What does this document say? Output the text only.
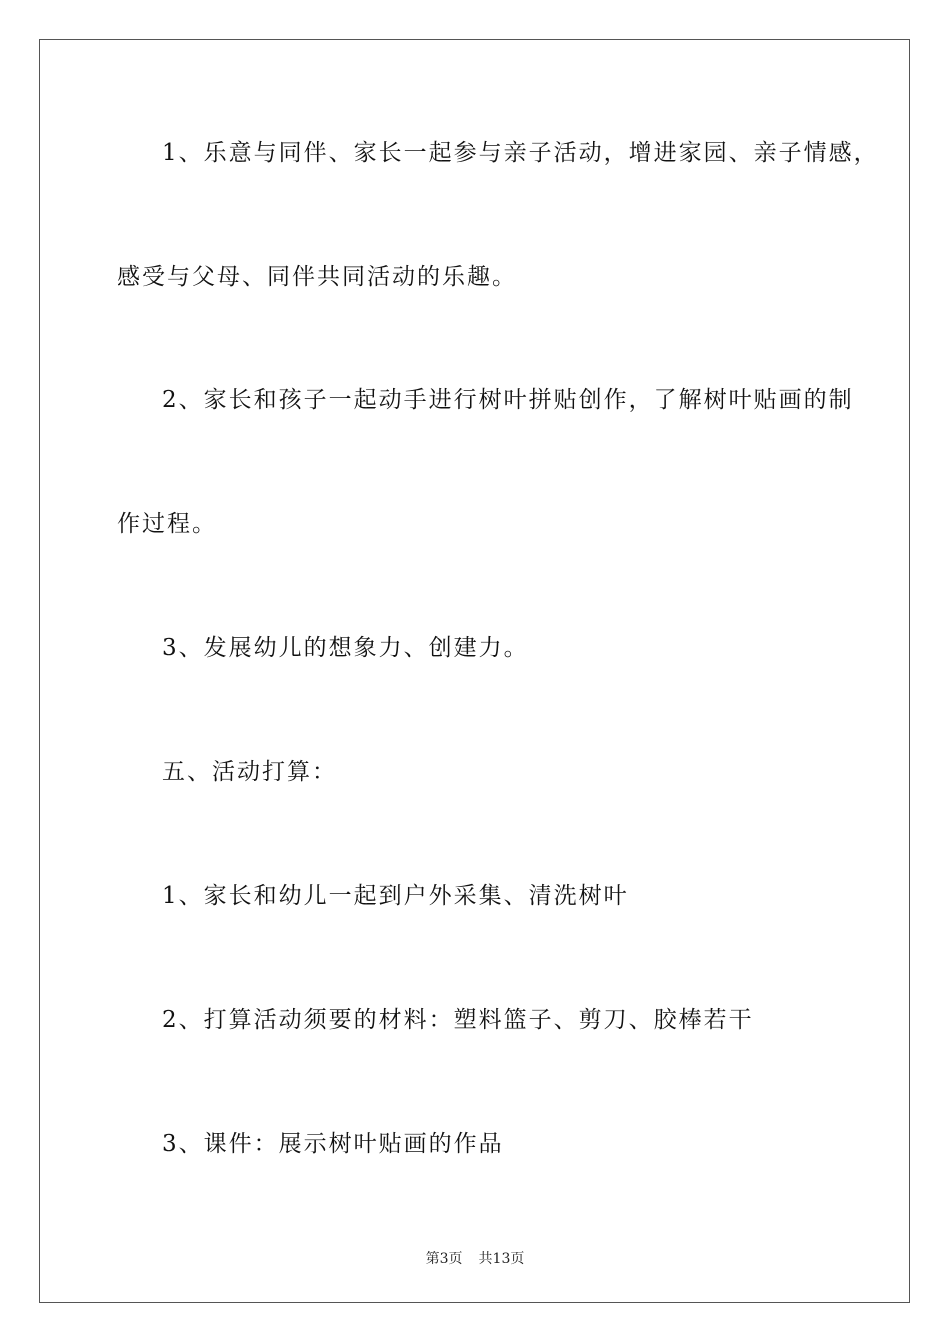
1、乐意与同伴、家长一起参与亲子活动，增进家园、亲子情感，
感受与父母、同伴共同活动的乐趣。
2、家长和孩子一起动手进行树叶拼贴创作，了解树叶贴画的制
作过程。
3、发展幼儿的想象力、创建力。
五、活动打算：
1、家长和幼儿一起到户外采集、清洗树叶
2、打算活动须要的材料：塑料篮子、剪刀、胶棒若干
3、课件：展示树叶贴画的作品
第3页 共13页
